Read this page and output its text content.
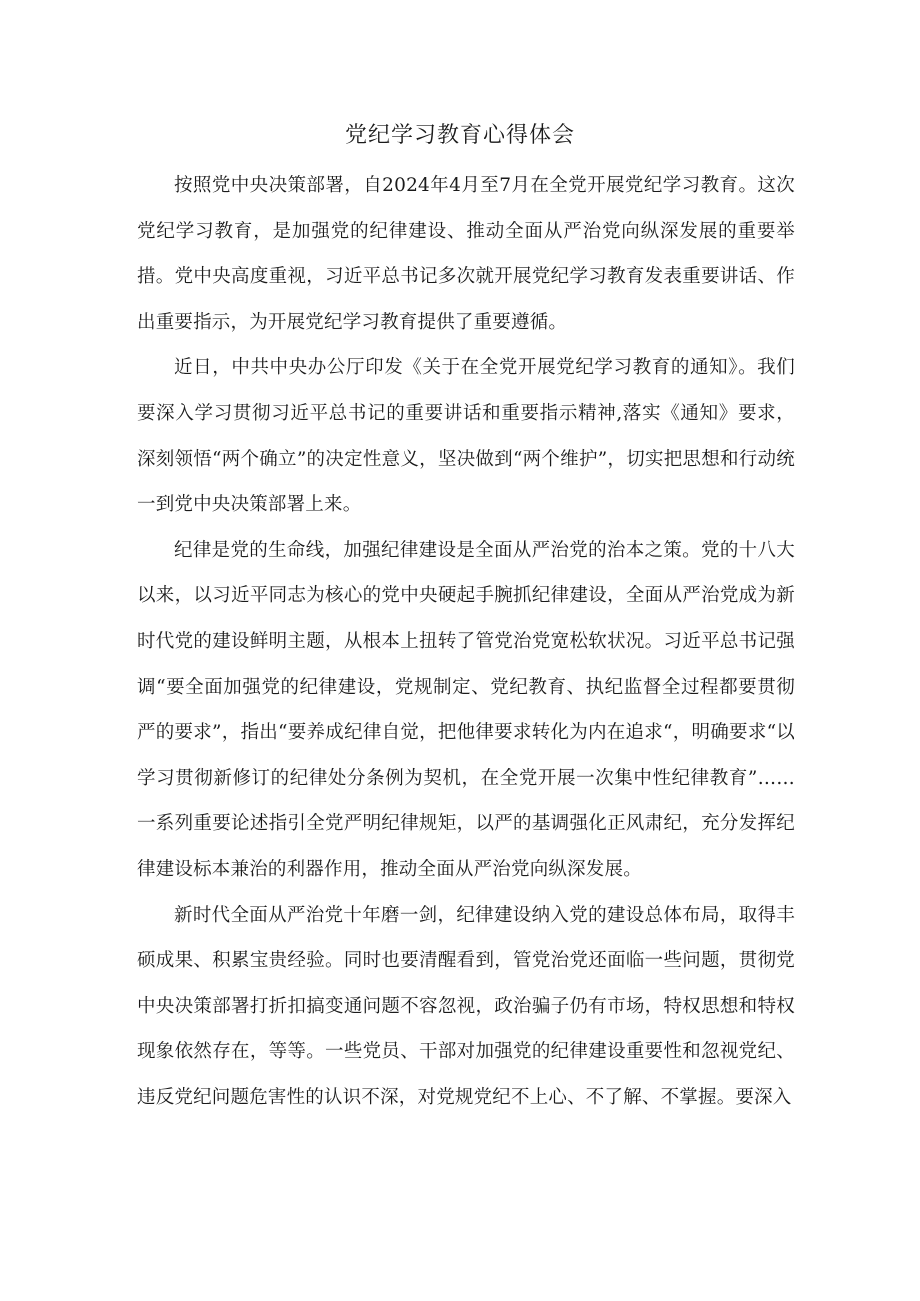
党纪学习教育心得体会

按照党中央决策部署，自2024年4月至7月在全党开展党纪学习教育。这次党纪学习教育，是加强党的纪律建设、推动全面从严治党向纵深发展的重要举措。党中央高度重视，习近平总书记多次就开展党纪学习教育发表重要讲话、作出重要指示，为开展党纪学习教育提供了重要遵循。

近日，中共中央办公厅印发《关于在全党开展党纪学习教育的通知》。我们要深入学习贯彻习近平总书记的重要讲话和重要指示精神,落实《通知》要求，深刻领悟“两个确立”的决定性意义，坚决做到“两个维护”，切实把思想和行动统一到党中央决策部署上来。

纪律是党的生命线，加强纪律建设是全面从严治党的治本之策。党的十八大以来，以习近平同志为核心的党中央硬起手腕抓纪律建设，全面从严治党成为新时代党的建设鲜明主题，从根本上扭转了管党治党宽松软状况。习近平总书记强调“要全面加强党的纪律建设，党规制定、党纪教育、执纪监督全过程都要贯彻严的要求”，指出“要养成纪律自觉，把他律要求转化为内在追求“，明确要求“以学习贯彻新修订的纪律处分条例为契机，在全党开展一次集中性纪律教育”……一系列重要论述指引全党严明纪律规矩，以严的基调强化正风肃纪，充分发挥纪律建设标本兼治的利器作用，推动全面从严治党向纵深发展。

新时代全面从严治党十年磨一剑，纪律建设纳入党的建设总体布局，取得丰硕成果、积累宝贵经验。同时也要清醒看到，管党治党还面临一些问题，贯彻党中央决策部署打折扣搞变通问题不容忽视，政治骗子仍有市场，特权思想和特权现象依然存在，等等。一些党员、干部对加强党的纪律建设重要性和忽视党纪、违反党纪问题危害性的认识不深，对党规党纪不上心、不了解、不掌握。要深入
